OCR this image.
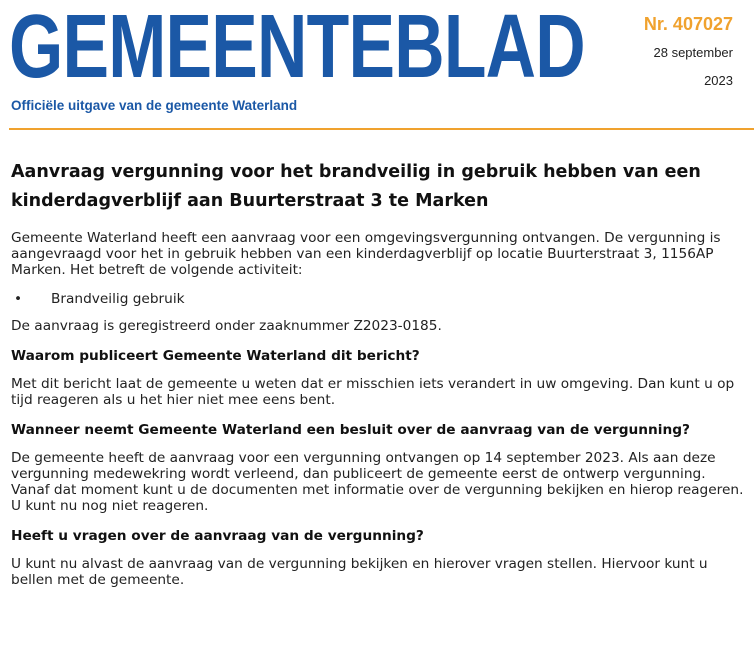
GEMEENTEBLAD
Officiële uitgave van de gemeente Waterland
Nr. 407027
28 september
2023
Aanvraag vergunning voor het brandveilig in gebruik hebben van een kinderdagverblijf aan Buurterstraat 3 te Marken

Gemeente Waterland heeft een aanvraag voor een omgevingsvergunning ontvangen. De vergunning is aangevraagd voor het in gebruik hebben van een kinderdagverblijf op locatie Buurterstraat 3, 1156AP Marken. Het betreft de volgende activiteit:

• Brandveilig gebruik

De aanvraag is geregistreerd onder zaaknummer Z2023-0185.

Waarom publiceert Gemeente Waterland dit bericht?

Met dit bericht laat de gemeente u weten dat er misschien iets verandert in uw omgeving. Dan kunt u op tijd reageren als u het hier niet mee eens bent.

Wanneer neemt Gemeente Waterland een besluit over de aanvraag van de vergunning?

De gemeente heeft de aanvraag voor een vergunning ontvangen op 14 september 2023. Als aan deze vergunning medewekring wordt verleend, dan publiceert de gemeente eerst de ontwerp vergunning. Vanaf dat moment kunt u de documenten met informatie over de vergunning bekijken en hierop reageren. U kunt nu nog niet reageren.

Heeft u vragen over de aanvraag van de vergunning?

U kunt nu alvast de aanvraag van de vergunning bekijken en hierover vragen stellen. Hiervoor kunt u bellen met de gemeente.
